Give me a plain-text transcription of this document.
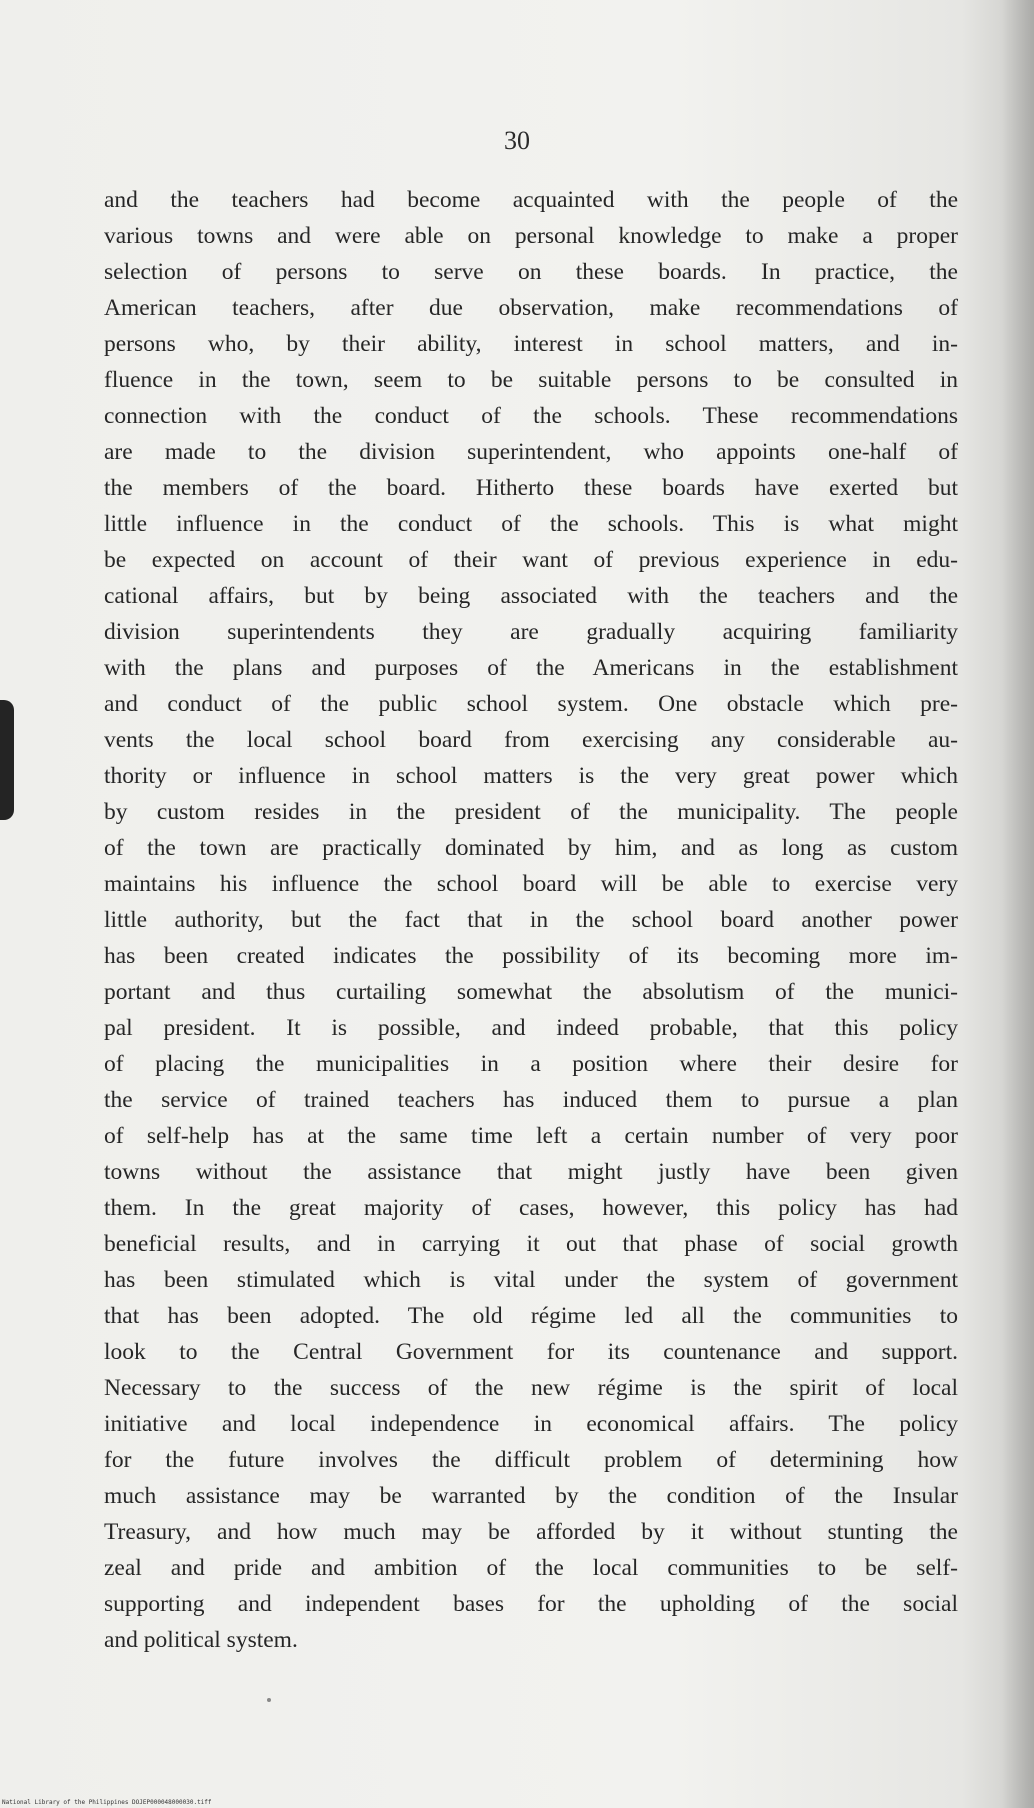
30
and the teachers had become acquainted with the people of the
various towns and were able on personal knowledge to make a proper
selection of persons to serve on these boards. In practice, the
American teachers, after due observation, make recommendations of
persons who, by their ability, interest in school matters, and in-
fluence in the town, seem to be suitable persons to be consulted in
connection with the conduct of the schools. These recommendations
are made to the division superintendent, who appoints one-half of
the members of the board. Hitherto these boards have exerted but
little influence in the conduct of the schools. This is what might
be expected on account of their want of previous experience in edu-
cational affairs, but by being associated with the teachers and the
division superintendents they are gradually acquiring familiarity
with the plans and purposes of the Americans in the establishment
and conduct of the public school system. One obstacle which pre-
vents the local school board from exercising any considerable au-
thority or influence in school matters is the very great power which
by custom resides in the president of the municipality. The people
of the town are practically dominated by him, and as long as custom
maintains his influence the school board will be able to exercise very
little authority, but the fact that in the school board another power
has been created indicates the possibility of its becoming more im-
portant and thus curtailing somewhat the absolutism of the munici-
pal president. It is possible, and indeed probable, that this policy
of placing the municipalities in a position where their desire for
the service of trained teachers has induced them to pursue a plan
of self-help has at the same time left a certain number of very poor
towns without the assistance that might justly have been given
them. In the great majority of cases, however, this policy has had
beneficial results, and in carrying it out that phase of social growth
has been stimulated which is vital under the system of government
that has been adopted. The old régime led all the communities to
look to the Central Government for its countenance and support.
Necessary to the success of the new régime is the spirit of local
initiative and local independence in economical affairs. The policy
for the future involves the difficult problem of determining how
much assistance may be warranted by the condition of the Insular
Treasury, and how much may be afforded by it without stunting the
zeal and pride and ambition of the local communities to be self-
supporting and independent bases for the upholding of the social
and political system.
National Library of the Philippines DOJEP000048000030.tiff
